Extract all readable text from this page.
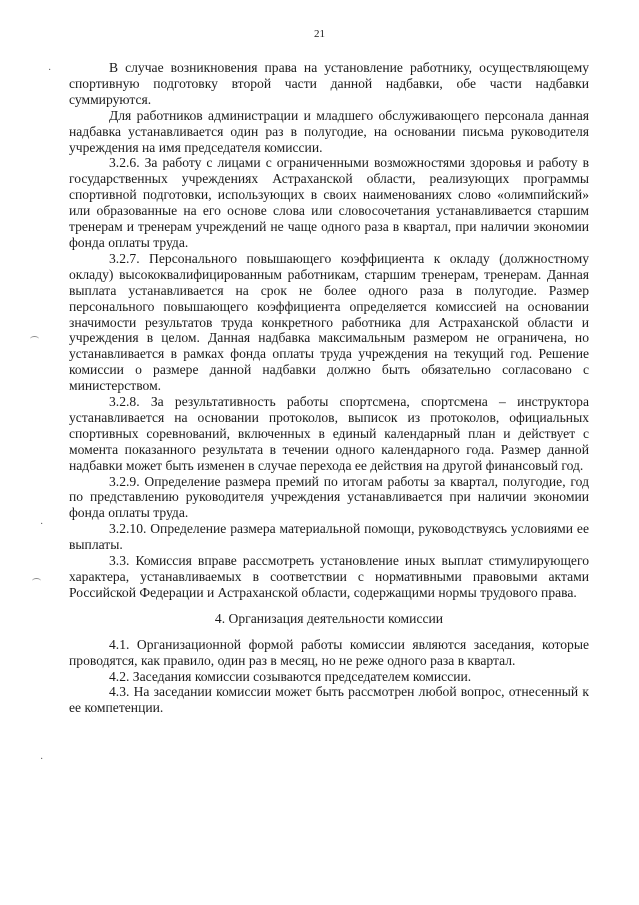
21
·
·
·

В случае возникновения права на установление работнику, осуществляющему спортивную подготовку второй части данной надбавки, обе части надбавки суммируются.

Для работников администрации и младшего обслуживающего персонала данная надбавка устанавливается один раз в полугодие, на основании письма руководителя учреждения на имя председателя комиссии.

3.2.6. За работу с лицами с ограниченными возможностями здоровья и работу в государственных учреждениях Астраханской области, реализующих программы спортивной подготовки, использующих в своих наименованиях слово «олимпийский» или образованные на его основе слова или словосочетания устанавливается старшим тренерам и тренерам учреждений не чаще одного раза в квартал, при наличии экономии фонда оплаты труда.

3.2.7. Персонального повышающего коэффициента к окладу (должностному окладу) высококвалифицированным работникам, старшим тренерам, тренерам. Данная выплата устанавливается на срок не более одного раза в полугодие. Размер персонального повышающего коэффициента определяется комиссией на основании значимости результатов труда конкретного работника для Астраханской области и учреждения в целом. Данная надбавка максимальным размером не ограничена, но устанавливается в рамках фонда оплаты труда учреждения на текущий год. Решение комиссии о размере данной надбавки должно быть обязательно согласовано с министерством.

3.2.8. За результативность работы спортсмена, спортсмена – инструктора устанавливается на основании протоколов, выписок из протоколов, официальных спортивных соревнований, включенных в единый календарный план и действует с момента показанного результата в течении одного календарного года. Размер данной надбавки может быть изменен в случае перехода ее действия на другой финансовый год.

3.2.9. Определение размера премий по итогам работы за квартал, полугодие, год по представлению руководителя учреждения устанавливается при наличии экономии фонда оплаты труда.

3.2.10. Определение размера материальной помощи, руководствуясь условиями ее выплаты.

3.3. Комиссия вправе рассмотреть установление иных выплат стимулирующего характера, устанавливаемых в соответствии с нормативными правовыми актами Российской Федерации и Астраханской области, содержащими нормы трудового права.

4. Организация деятельности комиссии

4.1. Организационной формой работы комиссии являются заседания, которые проводятся, как правило, один раз в месяц, но не реже одного раза в квартал.

4.2. Заседания комиссии созываются председателем комиссии.

4.3. На заседании комиссии может быть рассмотрен любой вопрос, отнесенный к ее компетенции.
